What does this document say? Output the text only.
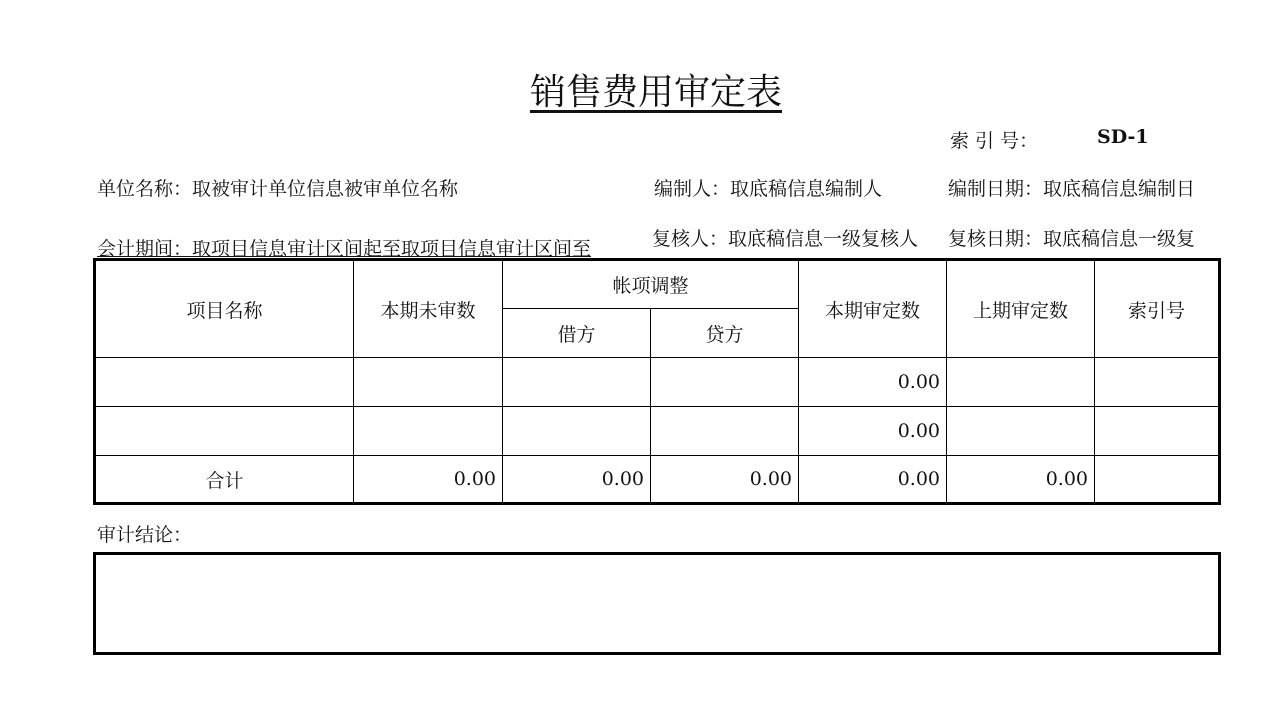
销售费用审定表
索 引 号：	SD-1
单位名称：取被审计单位信息被审单位名称	编制人：取底稿信息编制人	编制日期：取底稿信息编制日
会计期间：取项目信息审计区间起至取项目信息审计区间至	复核人：取底稿信息一级复核人	复核日期：取底稿信息一级复
项目名称	本期未审数	帐项调整		本期审定数	上期审定数	索引号
		借方	贷方			
				0.00		
				0.00		
合计	0.00	0.00	0.00	0.00	0.00	
审计结论：
